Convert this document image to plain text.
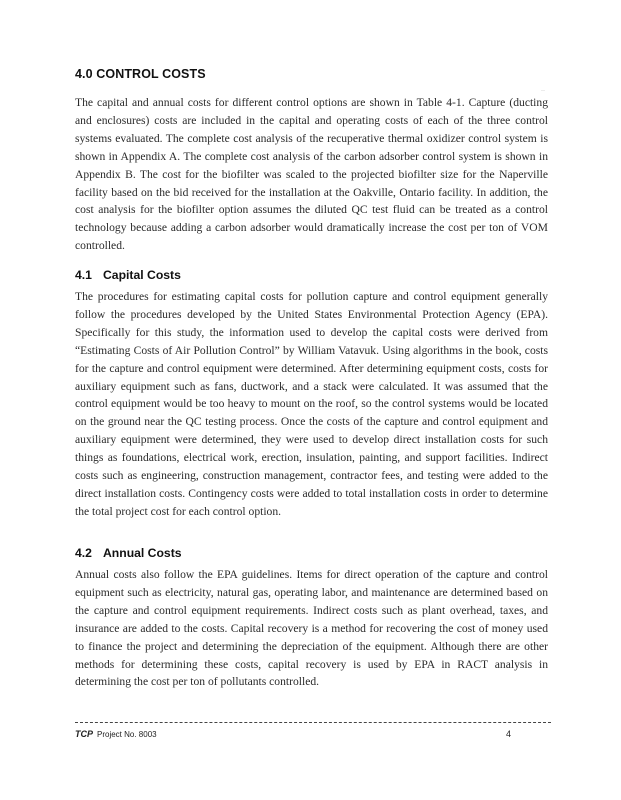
4.0 CONTROL COSTS
··
The capital and annual costs for different control options are shown in Table 4-1. Capture (ducting and enclosures) costs are included in the capital and operating costs of each of the three control systems evaluated. The complete cost analysis of the recuperative thermal oxidizer control system is shown in Appendix A. The complete cost analysis of the carbon adsorber control system is shown in Appendix B. The cost for the biofilter was scaled to the projected biofilter size for the Naperville facility based on the bid received for the installation at the Oakville, Ontario facility. In addition, the cost analysis for the biofilter option assumes the diluted QC test fluid can be treated as a control technology because adding a carbon adsorber would dramatically increase the cost per ton of VOM controlled.
4.1 Capital Costs
The procedures for estimating capital costs for pollution capture and control equipment generally follow the procedures developed by the United States Environmental Protection Agency (EPA). Specifically for this study, the information used to develop the capital costs were derived from “Estimating Costs of Air Pollution Control” by William Vatavuk. Using algorithms in the book, costs for the capture and control equipment were determined. After determining equipment costs, costs for auxiliary equipment such as fans, ductwork, and a stack were calculated. It was assumed that the control equipment would be too heavy to mount on the roof, so the control systems would be located on the ground near the QC testing process. Once the costs of the capture and control equipment and auxiliary equipment were determined, they were used to develop direct installation costs for such things as foundations, electrical work, erection, insulation, painting, and support facilities. Indirect costs such as engineering, construction management, contractor fees, and testing were added to the direct installation costs. Contingency costs were added to total installation costs in order to determine the total project cost for each control option.
4.2 Annual Costs
Annual costs also follow the EPA guidelines. Items for direct operation of the capture and control equipment such as electricity, natural gas, operating labor, and maintenance are determined based on the capture and control equipment requirements. Indirect costs such as plant overhead, taxes, and insurance are added to the costs. Capital recovery is a method for recovering the cost of money used to finance the project and determining the depreciation of the equipment. Although there are other methods for determining these costs, capital recovery is used by EPA in RACT analysis in determining the cost per ton of pollutants controlled.
TCP Project No. 8003	4
